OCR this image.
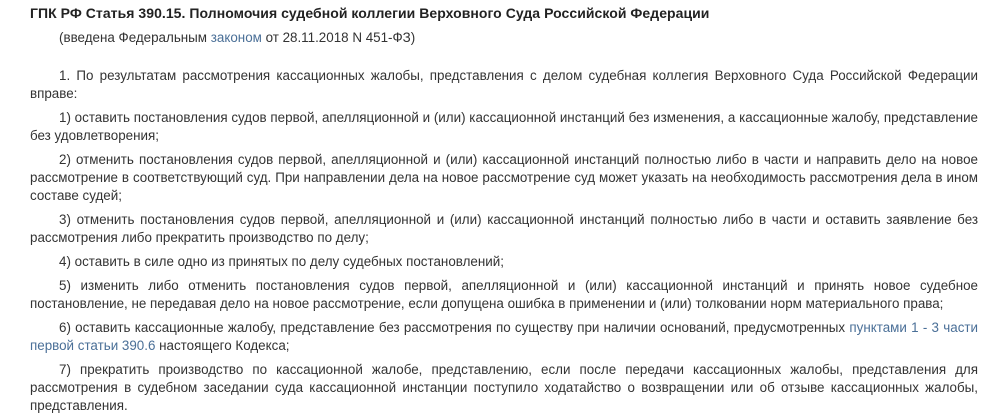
ГПК РФ Статья 390.15. Полномочия судебной коллегии Верховного Суда Российской Федерации
(введена Федеральным законом от 28.11.2018 N 451-ФЗ)
1. По результатам рассмотрения кассационных жалобы, представления с делом судебная коллегия Верховного Суда Российской Федерации вправе:
1) оставить постановления судов первой, апелляционной и (или) кассационной инстанций без изменения, а кассационные жалобу, представление без удовлетворения;
2) отменить постановления судов первой, апелляционной и (или) кассационной инстанций полностью либо в части и направить дело на новое рассмотрение в соответствующий суд. При направлении дела на новое рассмотрение суд может указать на необходимость рассмотрения дела в ином составе судей;
3) отменить постановления судов первой, апелляционной и (или) кассационной инстанций полностью либо в части и оставить заявление без рассмотрения либо прекратить производство по делу;
4) оставить в силе одно из принятых по делу судебных постановлений;
5) изменить либо отменить постановления судов первой, апелляционной и (или) кассационной инстанций и принять новое судебное постановление, не передавая дело на новое рассмотрение, если допущена ошибка в применении и (или) толковании норм материального права;
6) оставить кассационные жалобу, представление без рассмотрения по существу при наличии оснований, предусмотренных пунктами 1 - 3 части первой статьи 390.6 настоящего Кодекса;
7) прекратить производство по кассационной жалобе, представлению, если после передачи кассационных жалобы, представления для рассмотрения в судебном заседании суда кассационной инстанции поступило ходатайство о возвращении или об отзыве кассационных жалобы, представления.
